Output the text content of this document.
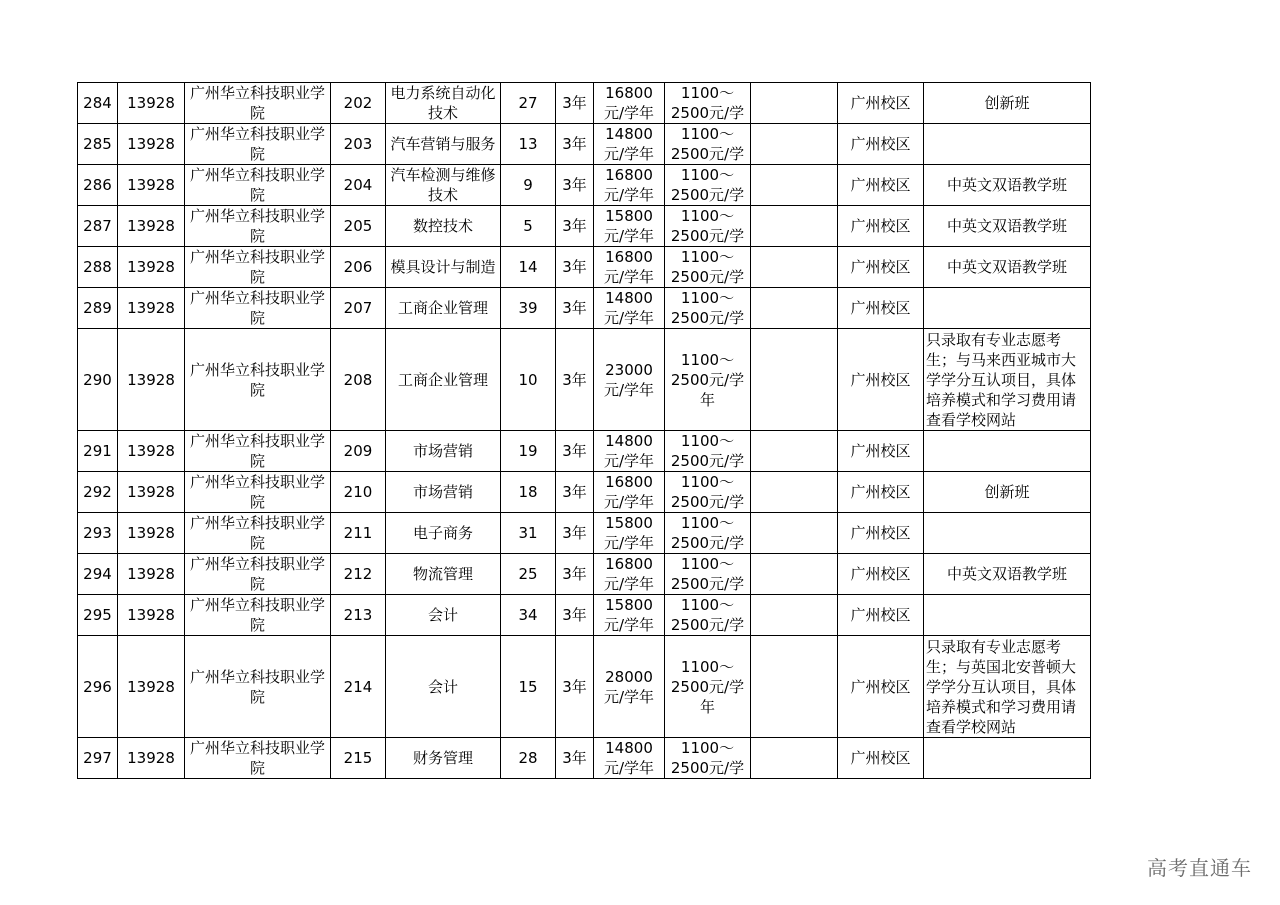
284	13928	广州华立科技职业学院	202	电力系统自动化技术	27	3年	16800元/学年	1100～2500元/学		广州校区	创新班
285	13928	广州华立科技职业学院	203	汽车营销与服务	13	3年	14800元/学年	1100～2500元/学		广州校区	
286	13928	广州华立科技职业学院	204	汽车检测与维修技术	9	3年	16800元/学年	1100～2500元/学		广州校区	中英文双语教学班
287	13928	广州华立科技职业学院	205	数控技术	5	3年	15800元/学年	1100～2500元/学		广州校区	中英文双语教学班
288	13928	广州华立科技职业学院	206	模具设计与制造	14	3年	16800元/学年	1100～2500元/学		广州校区	中英文双语教学班
289	13928	广州华立科技职业学院	207	工商企业管理	39	3年	14800元/学年	1100～2500元/学		广州校区	
290	13928	广州华立科技职业学院	208	工商企业管理	10	3年	23000元/学年	1100～2500元/学年		广州校区	只录取有专业志愿考生；与马来西亚城市大学学分互认项目，具体培养模式和学习费用请查看学校网站
291	13928	广州华立科技职业学院	209	市场营销	19	3年	14800元/学年	1100～2500元/学		广州校区	
292	13928	广州华立科技职业学院	210	市场营销	18	3年	16800元/学年	1100～2500元/学		广州校区	创新班
293	13928	广州华立科技职业学院	211	电子商务	31	3年	15800元/学年	1100～2500元/学		广州校区	
294	13928	广州华立科技职业学院	212	物流管理	25	3年	16800元/学年	1100～2500元/学		广州校区	中英文双语教学班
295	13928	广州华立科技职业学院	213	会计	34	3年	15800元/学年	1100～2500元/学		广州校区	
296	13928	广州华立科技职业学院	214	会计	15	3年	28000元/学年	1100～2500元/学年		广州校区	只录取有专业志愿考生；与英国北安普顿大学学分互认项目，具体培养模式和学习费用请查看学校网站
297	13928	广州华立科技职业学院	215	财务管理	28	3年	14800元/学年	1100～2500元/学		广州校区	
高考直通车
